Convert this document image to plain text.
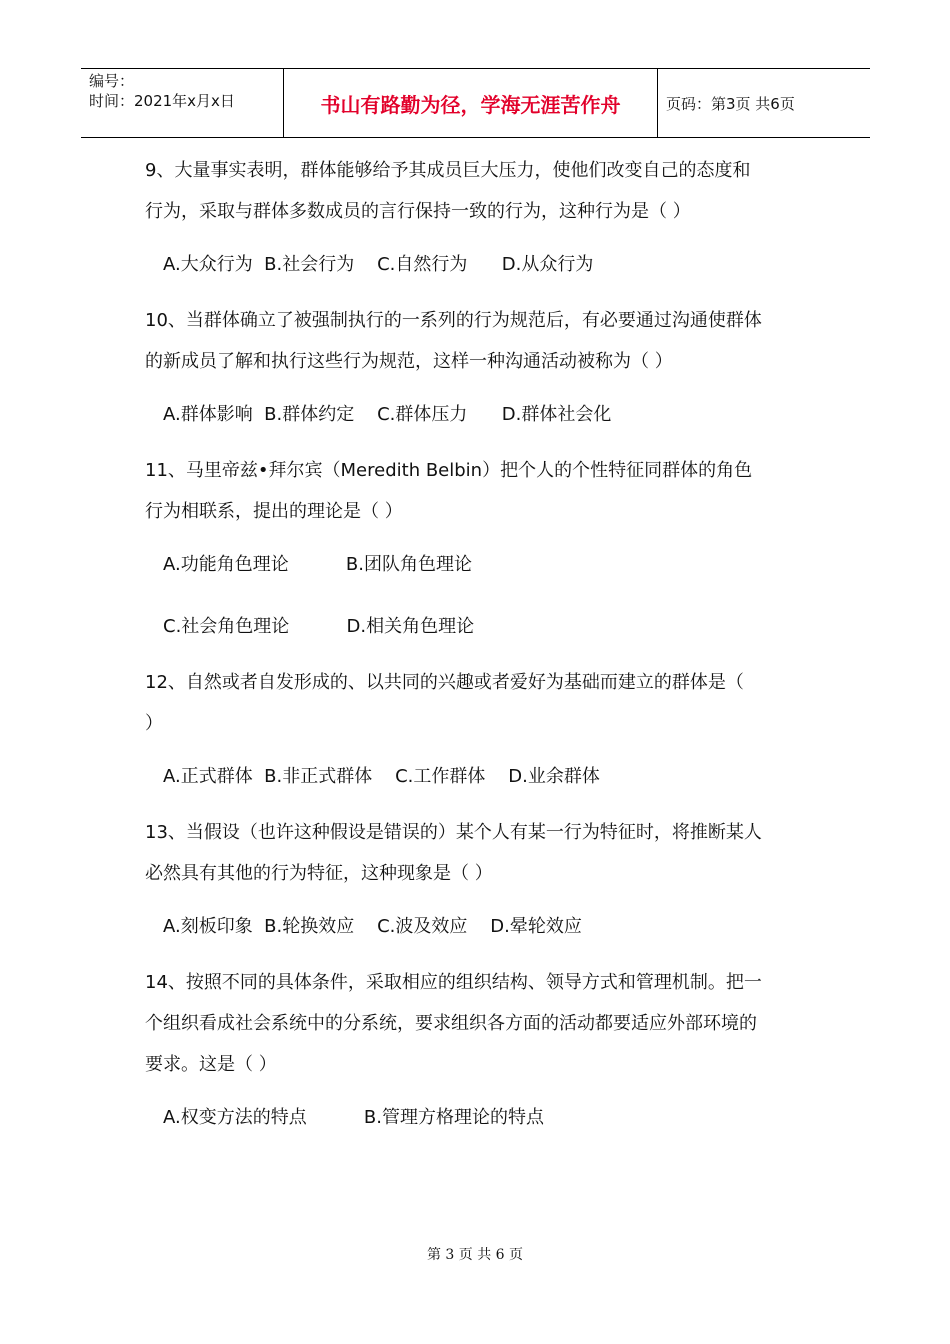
编号：
时间：2021年x月x日	书山有路勤为径，学海无涯苦作舟	页码：第3页 共6页

9、大量事实表明，群体能够给予其成员巨大压力，使他们改变自己的态度和

行为，采取与群体多数成员的言行保持一致的行为，这种行为是（ ）

A.大众行为  B.社会行为    C.自然行为      D.从众行为

10、当群体确立了被强制执行的一系列的行为规范后，有必要通过沟通使群体

的新成员了解和执行这些行为规范，这样一种沟通活动被称为（ ）

A.群体影响  B.群体约定    C.群体压力      D.群体社会化

11、马里帝兹•拜尔宾（Meredith Belbin）把个人的个性特征同群体的角色

行为相联系，提出的理论是（ ）

A.功能角色理论          B.团队角色理论

C.社会角色理论          D.相关角色理论

12、自然或者自发形成的、以共同的兴趣或者爱好为基础而建立的群体是（

）

A.正式群体  B.非正式群体    C.工作群体    D.业余群体

13、当假设（也许这种假设是错误的）某个人有某一行为特征时，将推断某人

必然具有其他的行为特征，这种现象是（ ）

A.刻板印象  B.轮换效应    C.波及效应    D.晕轮效应

14、按照不同的具体条件，采取相应的组织结构、领导方式和管理机制。把一

个组织看成社会系统中的分系统，要求组织各方面的活动都要适应外部环境的

要求。这是（ ）

A.权变方法的特点          B.管理方格理论的特点

第 3 页 共 6 页
